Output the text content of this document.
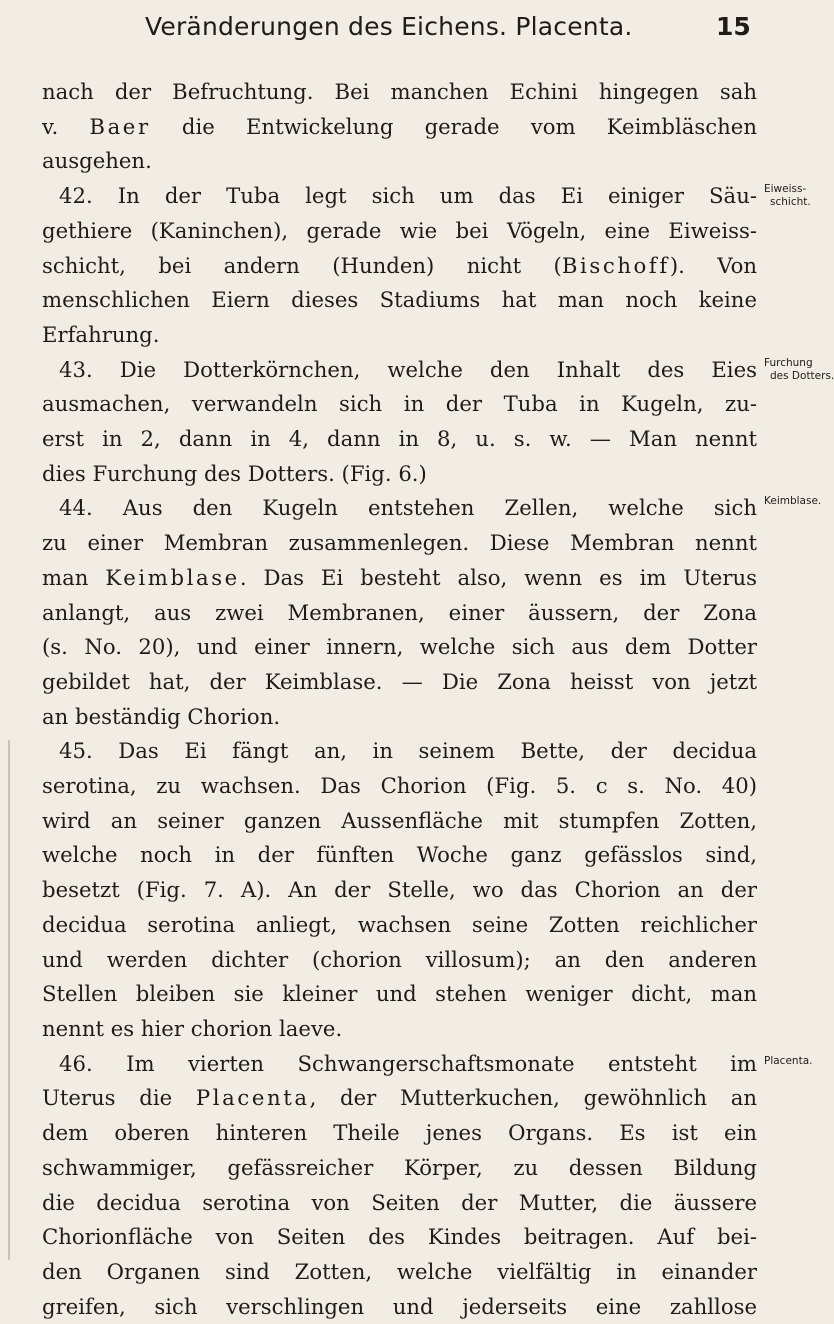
Veränderungen des Eichens. Placenta.	15
Eiweiss-
schicht.
Furchung
des Dotters.
Keimblase.
nach der Befruchtung. Bei manchen Echini hingegen sah
v. Baer die Entwickelung gerade vom Keimbläschen
ausgehen.
42. In der Tuba legt sich um das Ei einiger Säu-
gethiere (Kaninchen), gerade wie bei Vögeln, eine Eiweiss-
schicht, bei andern (Hunden) nicht (Bischoff). Von
menschlichen Eiern dieses Stadiums hat man noch keine
Erfahrung.
43. Die Dotterkörnchen, welche den Inhalt des Eies
ausmachen, verwandeln sich in der Tuba in Kugeln, zu-
erst in 2, dann in 4, dann in 8, u. s. w. — Man nennt
dies Furchung des Dotters. (Fig. 6.)
44. Aus den Kugeln entstehen Zellen, welche sich
zu einer Membran zusammenlegen. Diese Membran nennt
man Keimblase. Das Ei besteht also, wenn es im Uterus
anlangt, aus zwei Membranen, einer äussern, der Zona
(s. No. 20), und einer innern, welche sich aus dem Dotter
gebildet hat, der Keimblase. — Die Zona heisst von jetzt
an beständig Chorion.
45. Das Ei fängt an, in seinem Bette, der decidua
serotina, zu wachsen. Das Chorion (Fig. 5. c s. No. 40)
wird an seiner ganzen Aussenfläche mit stumpfen Zotten,
welche noch in der fünften Woche ganz gefässlos sind,
besetzt (Fig. 7. A). An der Stelle, wo das Chorion an der
decidua serotina anliegt, wachsen seine Zotten reichlicher
und werden dichter (chorion villosum); an den anderen
Stellen bleiben sie kleiner und stehen weniger dicht, man
nennt es hier chorion laeve.
46. Im vierten Schwangerschaftsmonate entsteht im
Uterus die Placenta, der Mutterkuchen, gewöhnlich an
dem oberen hinteren Theile jenes Organs. Es ist ein
schwammiger, gefässreicher Körper, zu dessen Bildung
die decidua serotina von Seiten der Mutter, die äussere
Chorionfläche von Seiten des Kindes beitragen. Auf bei-
den Organen sind Zotten, welche vielfältig in einander
greifen, sich verschlingen und jederseits eine zahllose
Placenta.
